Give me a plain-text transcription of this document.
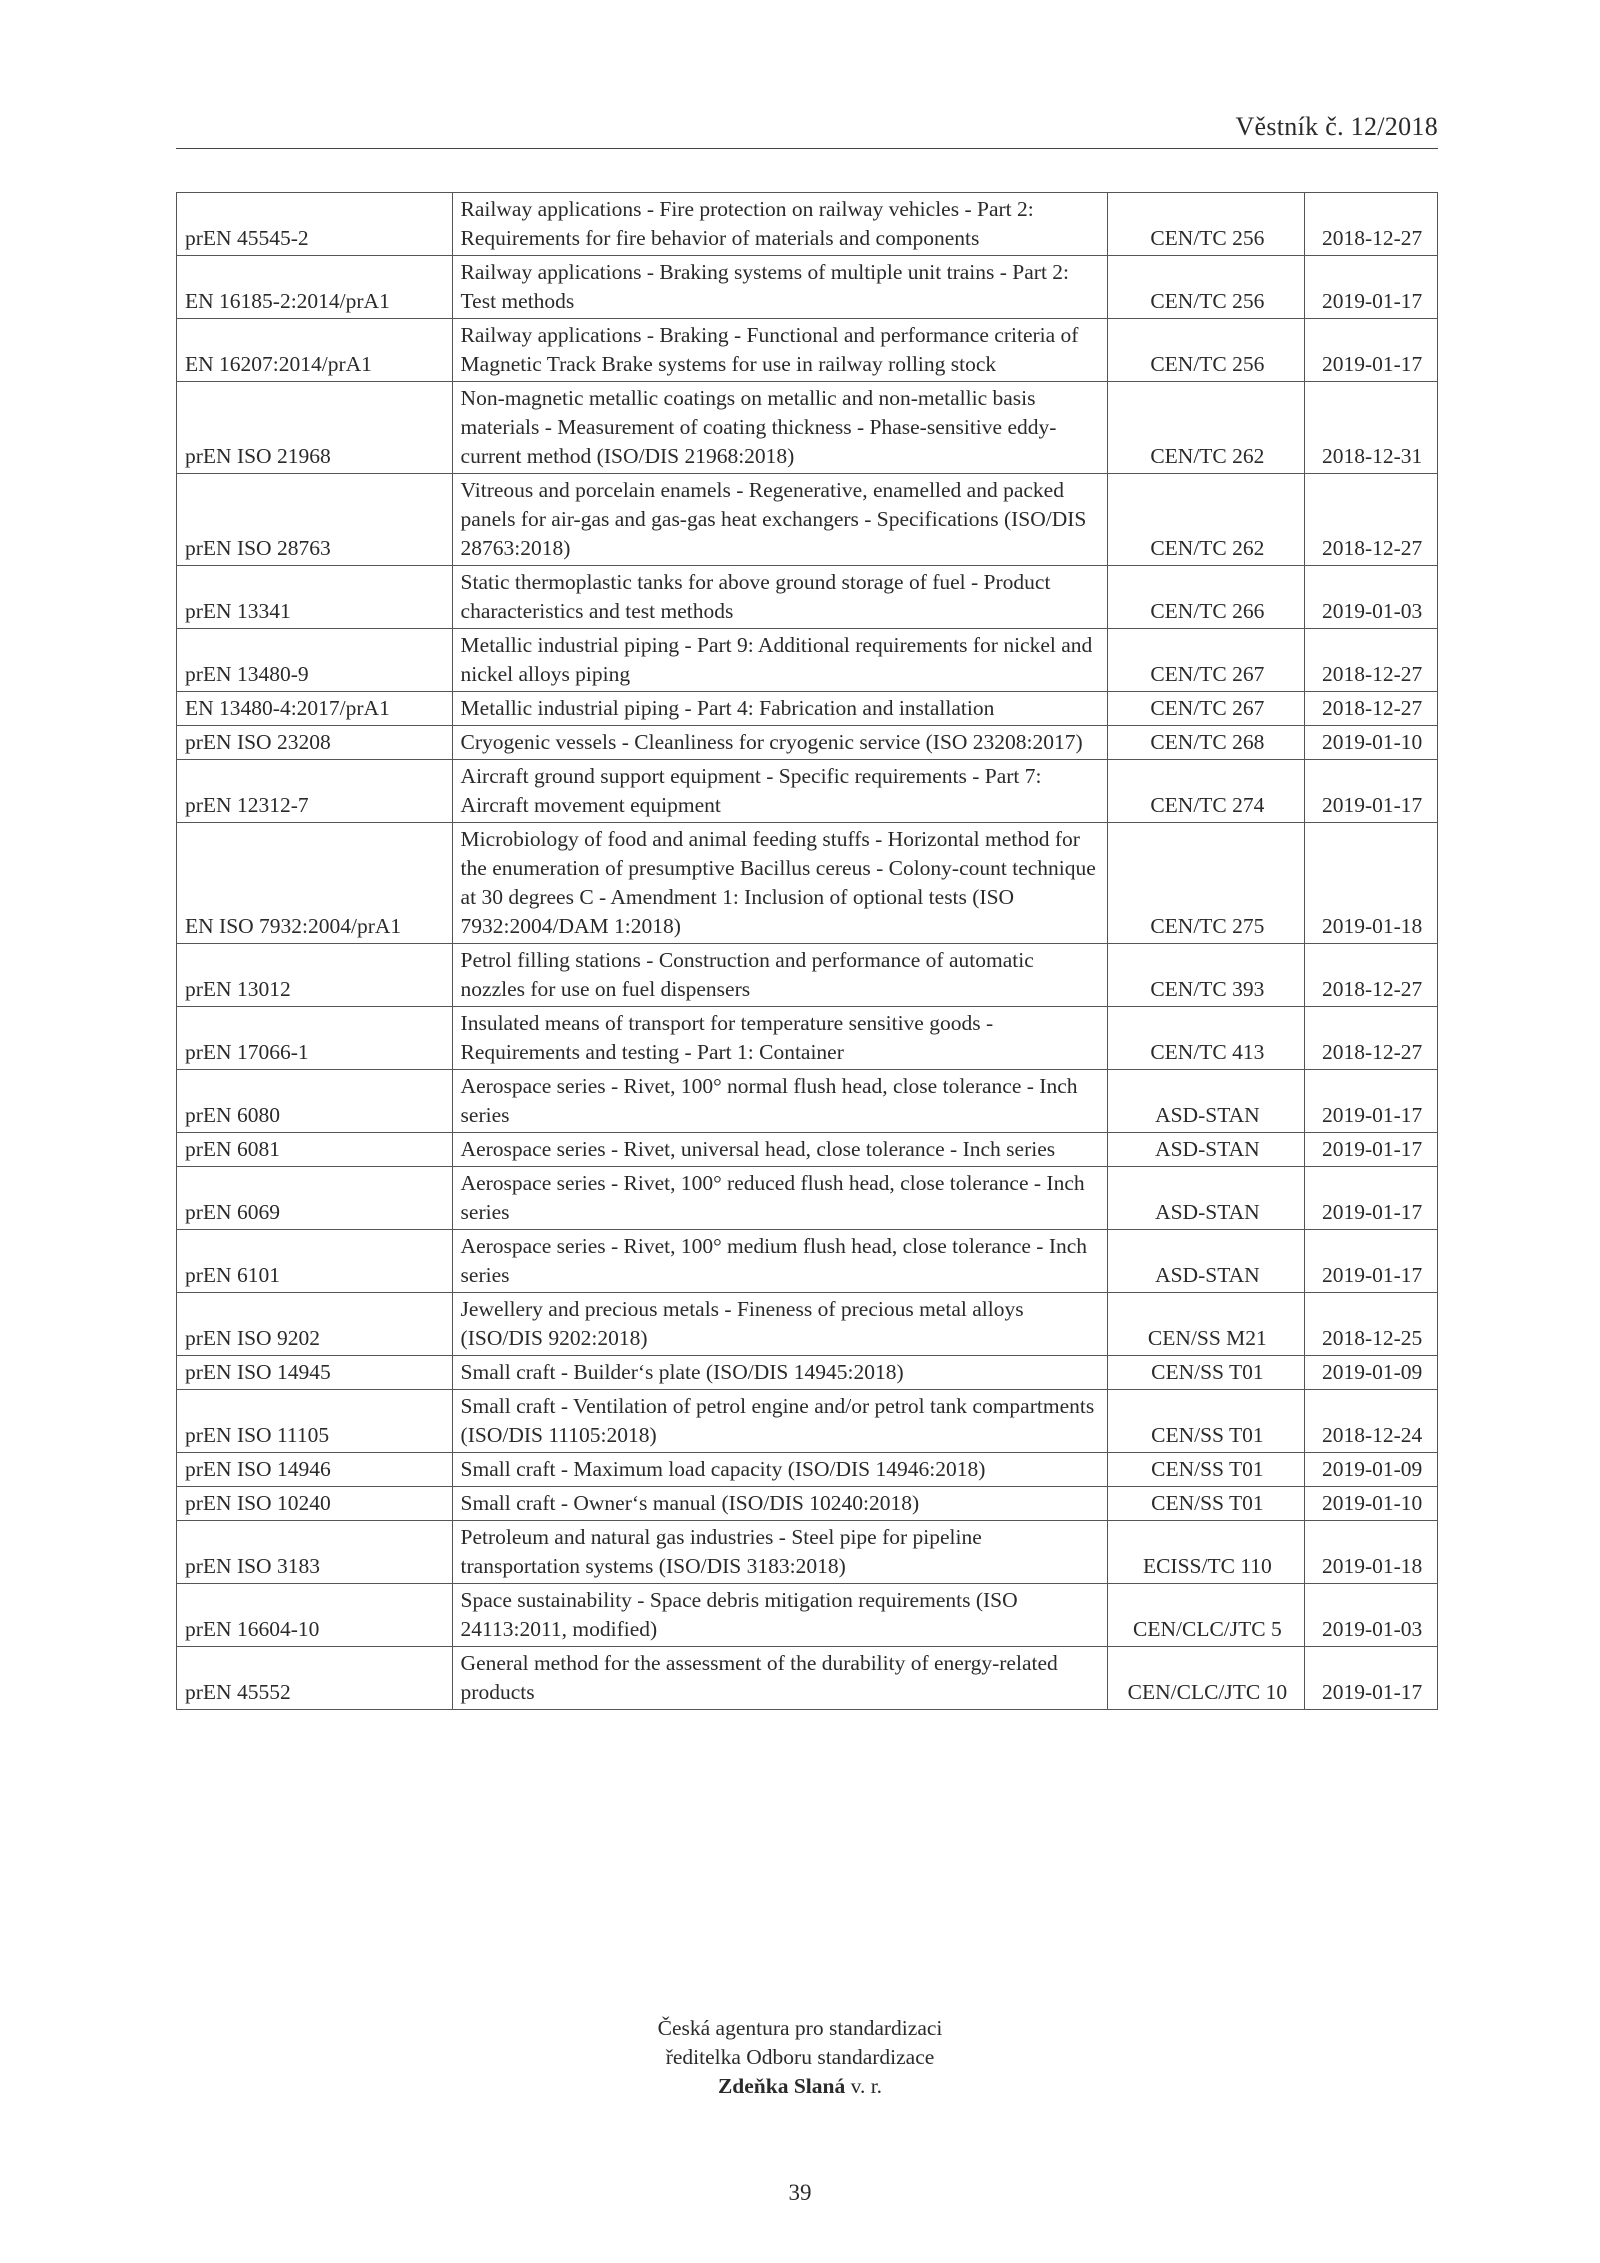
Věstník č. 12/2018
prEN 45545-2	Railway applications - Fire protection on railway vehicles - Part 2: Requirements for fire behavior of materials and components	CEN/TC 256	2018-12-27
EN 16185-2:2014/prA1	Railway applications - Braking systems of multiple unit trains - Part 2: Test methods	CEN/TC 256	2019-01-17
EN 16207:2014/prA1	Railway applications - Braking - Functional and performance criteria of Magnetic Track Brake systems for use in railway rolling stock	CEN/TC 256	2019-01-17
prEN ISO 21968	Non-magnetic metallic coatings on metallic and non-metallic basis materials - Measurement of coating thickness - Phase-sensitive eddy-current method (ISO/DIS 21968:2018)	CEN/TC 262	2018-12-31
prEN ISO 28763	Vitreous and porcelain enamels - Regenerative, enamelled and packed panels for air-gas and gas-gas heat exchangers - Specifications (ISO/DIS 28763:2018)	CEN/TC 262	2018-12-27
prEN 13341	Static thermoplastic tanks for above ground storage of fuel - Product characteristics and test methods	CEN/TC 266	2019-01-03
prEN 13480-9	Metallic industrial piping - Part 9: Additional requirements for nickel and nickel alloys piping	CEN/TC 267	2018-12-27
EN 13480-4:2017/prA1	Metallic industrial piping - Part 4: Fabrication and installation	CEN/TC 267	2018-12-27
prEN ISO 23208	Cryogenic vessels - Cleanliness for cryogenic service (ISO 23208:2017)	CEN/TC 268	2019-01-10
prEN 12312-7	Aircraft ground support equipment - Specific requirements - Part 7: Aircraft movement equipment	CEN/TC 274	2019-01-17
EN ISO 7932:2004/prA1	Microbiology of food and animal feeding stuffs - Horizontal method for the enumeration of presumptive Bacillus cereus - Colony-count technique at 30 degrees C - Amendment 1: Inclusion of optional tests (ISO 7932:2004/DAM 1:2018)	CEN/TC 275	2019-01-18
prEN 13012	Petrol filling stations - Construction and performance of automatic nozzles for use on fuel dispensers	CEN/TC 393	2018-12-27
prEN 17066-1	Insulated means of transport for temperature sensitive goods - Requirements and testing - Part 1: Container	CEN/TC 413	2018-12-27
prEN 6080	Aerospace series - Rivet, 100° normal flush head, close tolerance - Inch series	ASD-STAN	2019-01-17
prEN 6081	Aerospace series - Rivet, universal head, close tolerance - Inch series	ASD-STAN	2019-01-17
prEN 6069	Aerospace series - Rivet, 100° reduced flush head, close tolerance - Inch series	ASD-STAN	2019-01-17
prEN 6101	Aerospace series - Rivet, 100° medium flush head, close tolerance - Inch series	ASD-STAN	2019-01-17
prEN ISO 9202	Jewellery and precious metals - Fineness of precious metal alloys (ISO/DIS 9202:2018)	CEN/SS M21	2018-12-25
prEN ISO 14945	Small craft - Builder‘s plate (ISO/DIS 14945:2018)	CEN/SS T01	2019-01-09
prEN ISO 11105	Small craft - Ventilation of petrol engine and/or petrol tank compartments (ISO/DIS 11105:2018)	CEN/SS T01	2018-12-24
prEN ISO 14946	Small craft - Maximum load capacity (ISO/DIS 14946:2018)	CEN/SS T01	2019-01-09
prEN ISO 10240	Small craft - Owner‘s manual (ISO/DIS 10240:2018)	CEN/SS T01	2019-01-10
prEN ISO 3183	Petroleum and natural gas industries - Steel pipe for pipeline transportation systems (ISO/DIS 3183:2018)	ECISS/TC 110	2019-01-18
prEN 16604-10	Space sustainability - Space debris mitigation requirements (ISO 24113:2011, modified)	CEN/CLC/JTC 5	2019-01-03
prEN 45552	General method for the assessment of the durability of energy-related products	CEN/CLC/JTC 10	2019-01-17
Česká agentura pro standardizaci
ředitelka Odboru standardizace
Zdeňka Slaná v. r.
39
